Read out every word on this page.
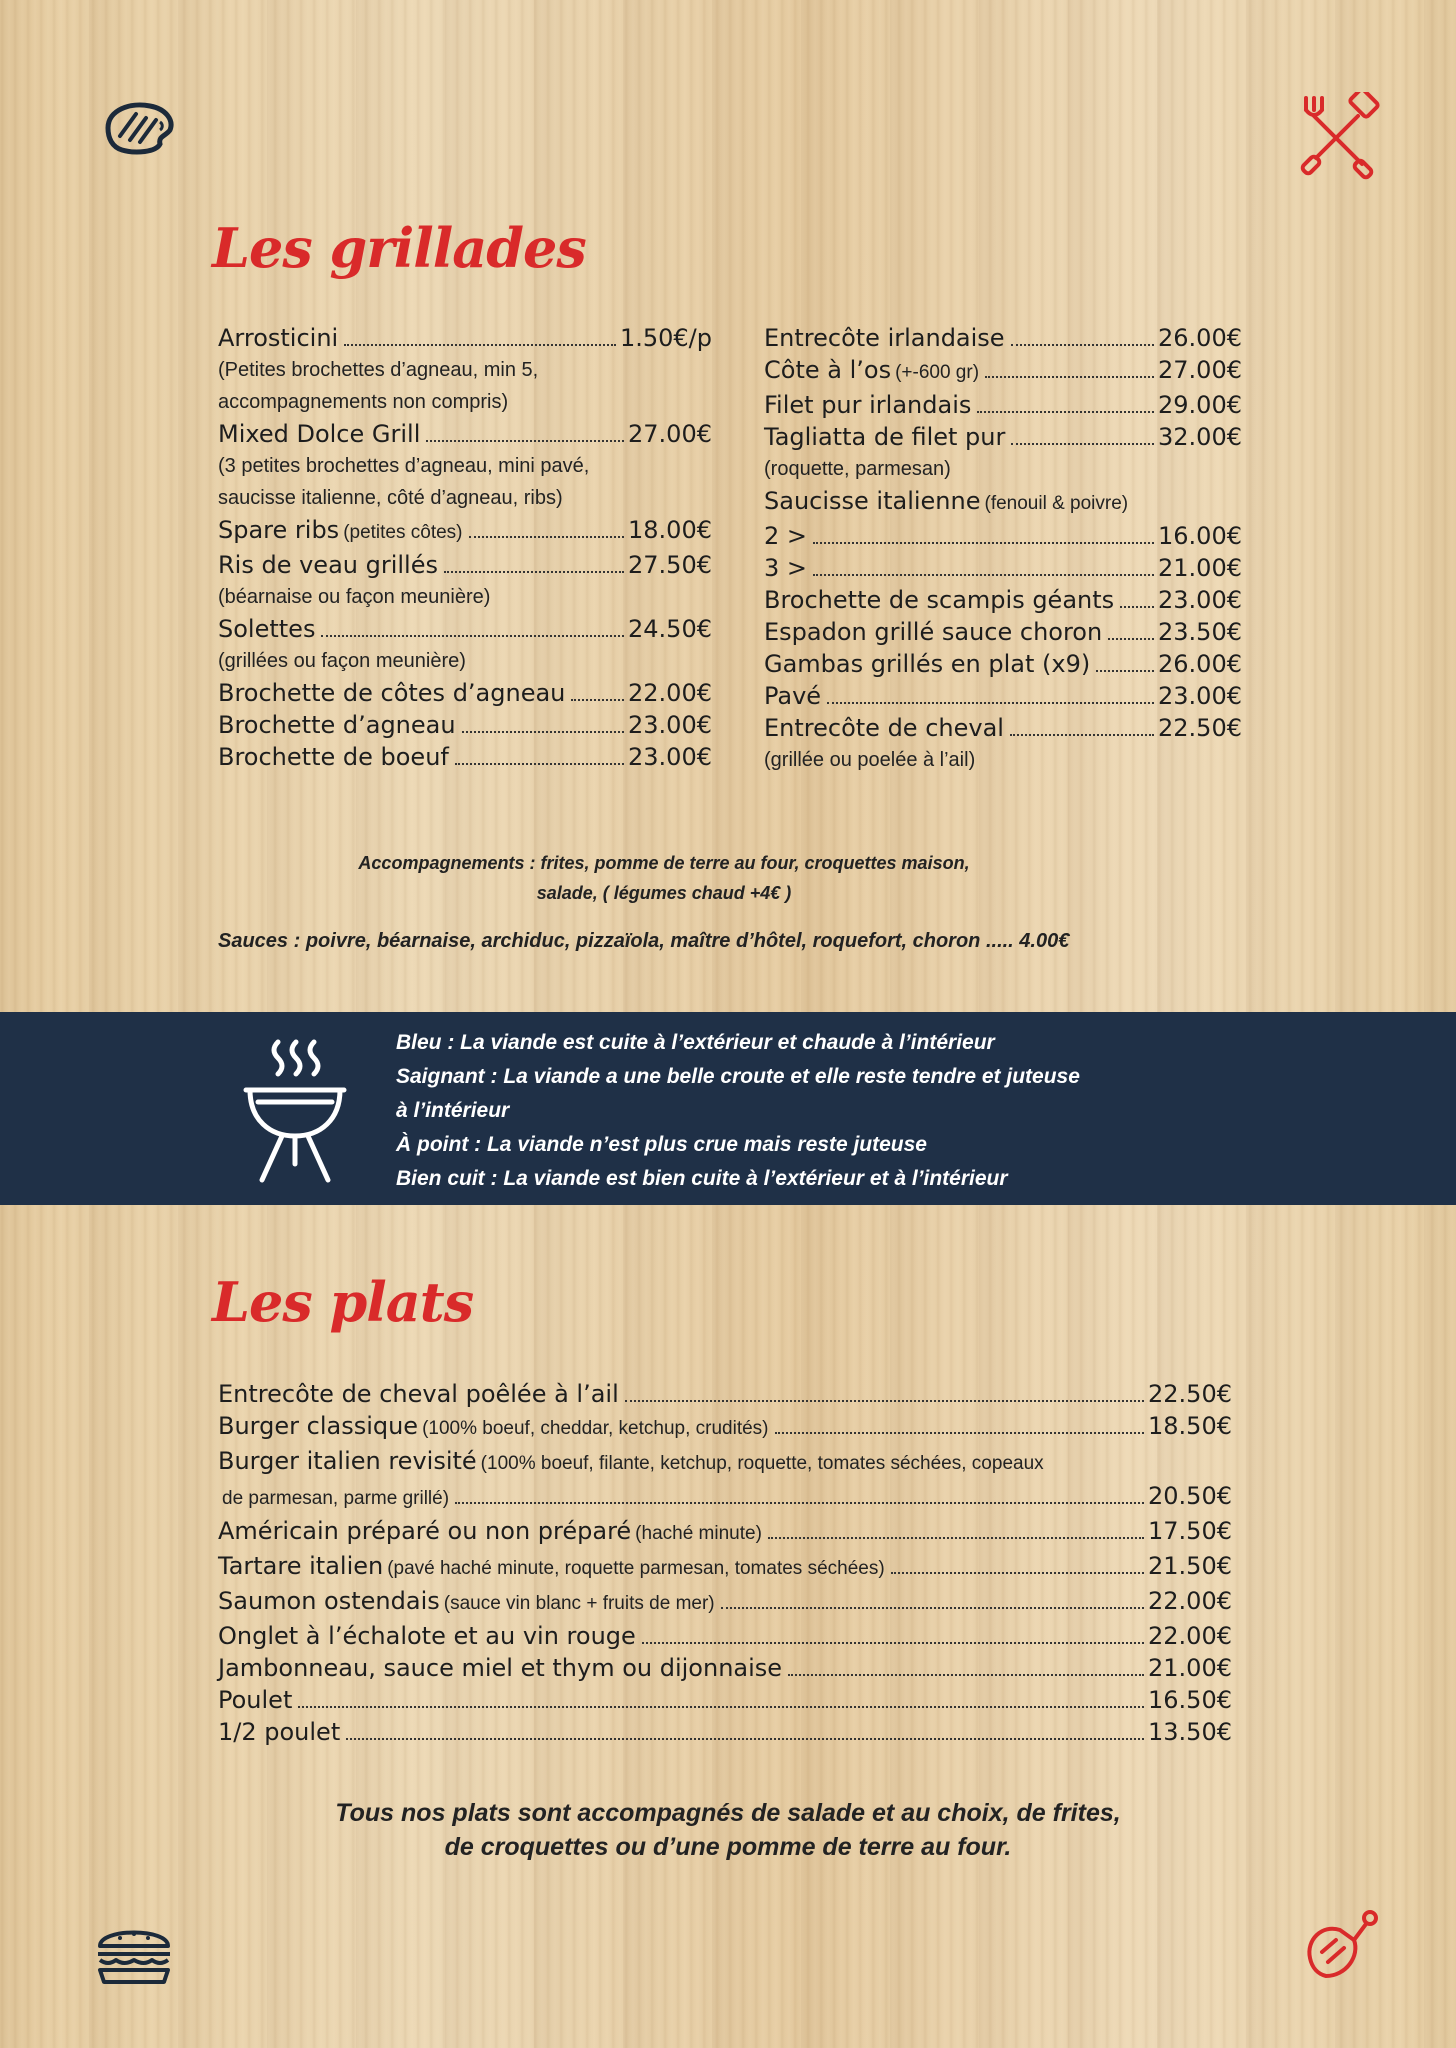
Les grillades
Arrosticini	1.50€/p
(Petites brochettes d’agneau, min 5,
accompagnements non compris)
Mixed Dolce Grill	27.00€
(3 petites brochettes d’agneau, mini pavé,
saucisse italienne, côté d’agneau, ribs)
Spare ribs (petites côtes)	18.00€
Ris de veau grillés	27.50€
(béarnaise ou façon meunière)
Solettes	24.50€
(grillées ou façon meunière)
Brochette de côtes d’agneau	22.00€
Brochette d’agneau	23.00€
Brochette de boeuf	23.00€
Entrecôte irlandaise	26.00€
Côte à l’os (+-600 gr)	27.00€
Filet pur irlandais	29.00€
Tagliatta de filet pur	32.00€
(roquette, parmesan)
Saucisse italienne (fenouil & poivre)
2 >	16.00€
3 >	21.00€
Brochette de scampis géants 23.00€
Espadon grillé sauce choron 23.50€
Gambas grillés en plat (x9)	26.00€
Pavé	23.00€
Entrecôte de cheval	22.50€
(grillée ou poelée à l’ail)
Accompagnements : frites, pomme de terre au four, croquettes maison,
salade, ( légumes chaud +4€ )
Sauces : poivre, béarnaise, archiduc, pizzaïola, maître d’hôtel, roquefort, choron ..... 4.00€
Bleu : La viande est cuite à l’extérieur et chaude à l’intérieur
Saignant : La viande a une belle croute et elle reste tendre et juteuse
à l’intérieur
À point : La viande n’est plus crue mais reste juteuse
Bien cuit : La viande est bien cuite à l’extérieur et à l’intérieur
Les plats
Entrecôte de cheval poêlée à l’ail	22.50€
Burger classique (100% boeuf, cheddar, ketchup, crudités)	18.50€
Burger italien revisité (100% boeuf, filante, ketchup, roquette, tomates séchées, copeaux
de parmesan, parme grillé)	20.50€
Américain préparé ou non préparé (haché minute)	17.50€
Tartare italien (pavé haché minute, roquette parmesan, tomates séchées)	21.50€
Saumon ostendais (sauce vin blanc + fruits de mer)	22.00€
Onglet à l’échalote et au vin rouge	22.00€
Jambonneau, sauce miel et thym ou dijonnaise	21.00€
Poulet	16.50€
1/2 poulet	13.50€
Tous nos plats sont accompagnés de salade et au choix, de frites,
de croquettes ou d’une pomme de terre au four.
